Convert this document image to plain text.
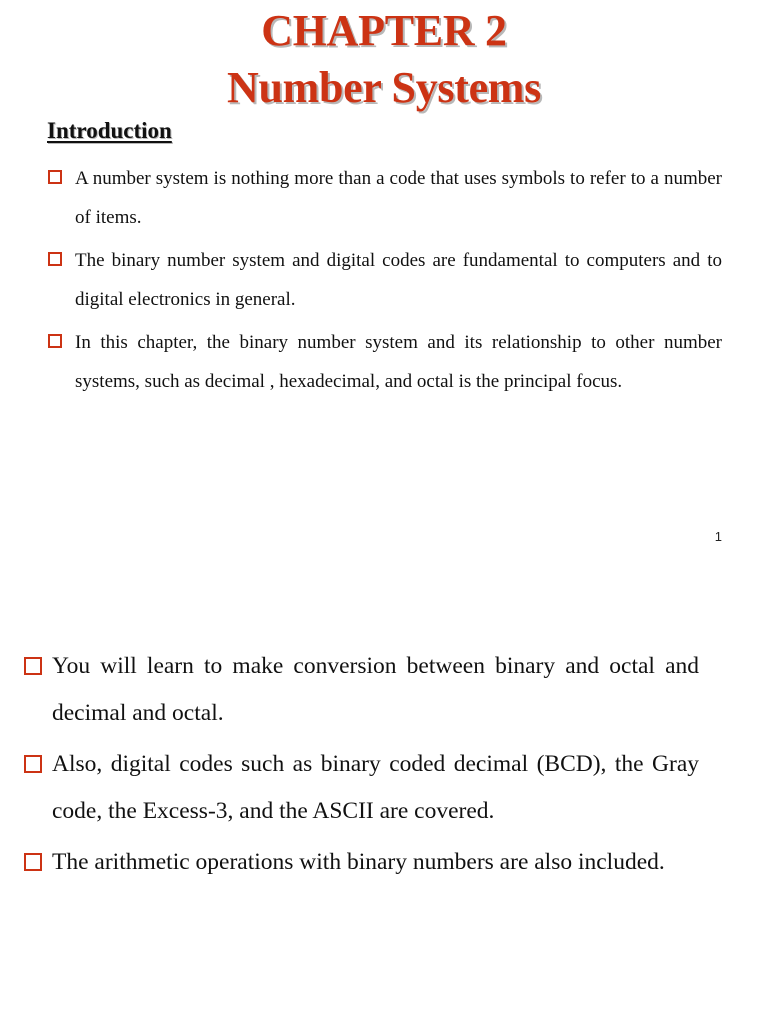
CHAPTER 2
Number Systems
Introduction
A number system is nothing more than a code that uses symbols to refer to a number of items.
The binary number system and digital codes are fundamental to computers and to digital electronics in general.
In this chapter, the binary number system and its relationship to other number systems, such as decimal , hexadecimal, and octal is the principal focus.
1
You will learn to make conversion between binary and octal and decimal and octal.
Also, digital codes such as binary coded decimal (BCD), the Gray code, the Excess-3, and the ASCII are covered.
The arithmetic operations with binary numbers are also included.
